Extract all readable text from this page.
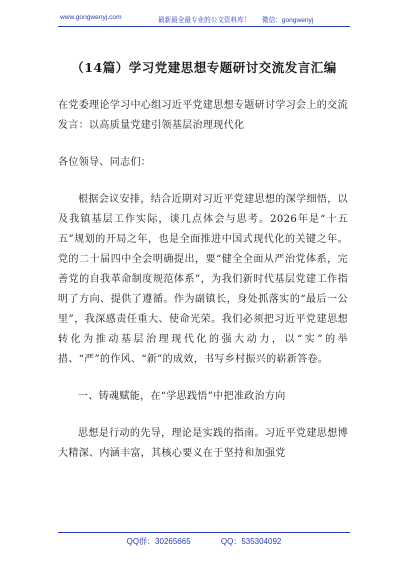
www.gongwenyj.com	最新最全最专业的公文资料库！ 微信：gongwenyj
（14篇）学习党建思想专题研讨交流发言汇编

在党委理论学习中心组习近平党建思想专题研讨学习会上的交流发言：以高质量党建引领基层治理现代化

各位领导、同志们：

根据会议安排，结合近期对习近平党建思想的深学细悟，以及我镇基层工作实际，谈几点体会与思考。2026年是“十五五”规划的开局之年，也是全面推进中国式现代化的关键之年。党的二十届四中全会明确提出，要“健全全面从严治党体系，完善党的自我革命制度规范体系”，为我们新时代基层党建工作指明了方向、提供了遵循。作为副镇长，身处抓落实的“最后一公里”，我深感责任重大、使命光荣。我们必须把习近平党建思想转化为推动基层治理现代化的强大动力，以“实”的举措、“严”的作风、“新”的成效，书写乡村振兴的崭新答卷。

一、铸魂赋能，在“学思践悟”中把准政治方向

思想是行动的先导，理论是实践的指南。习近平党建思想博大精深、内涵丰富，其核心要义在于坚持和加强党

QQ群：30265665	QQ：535304092
